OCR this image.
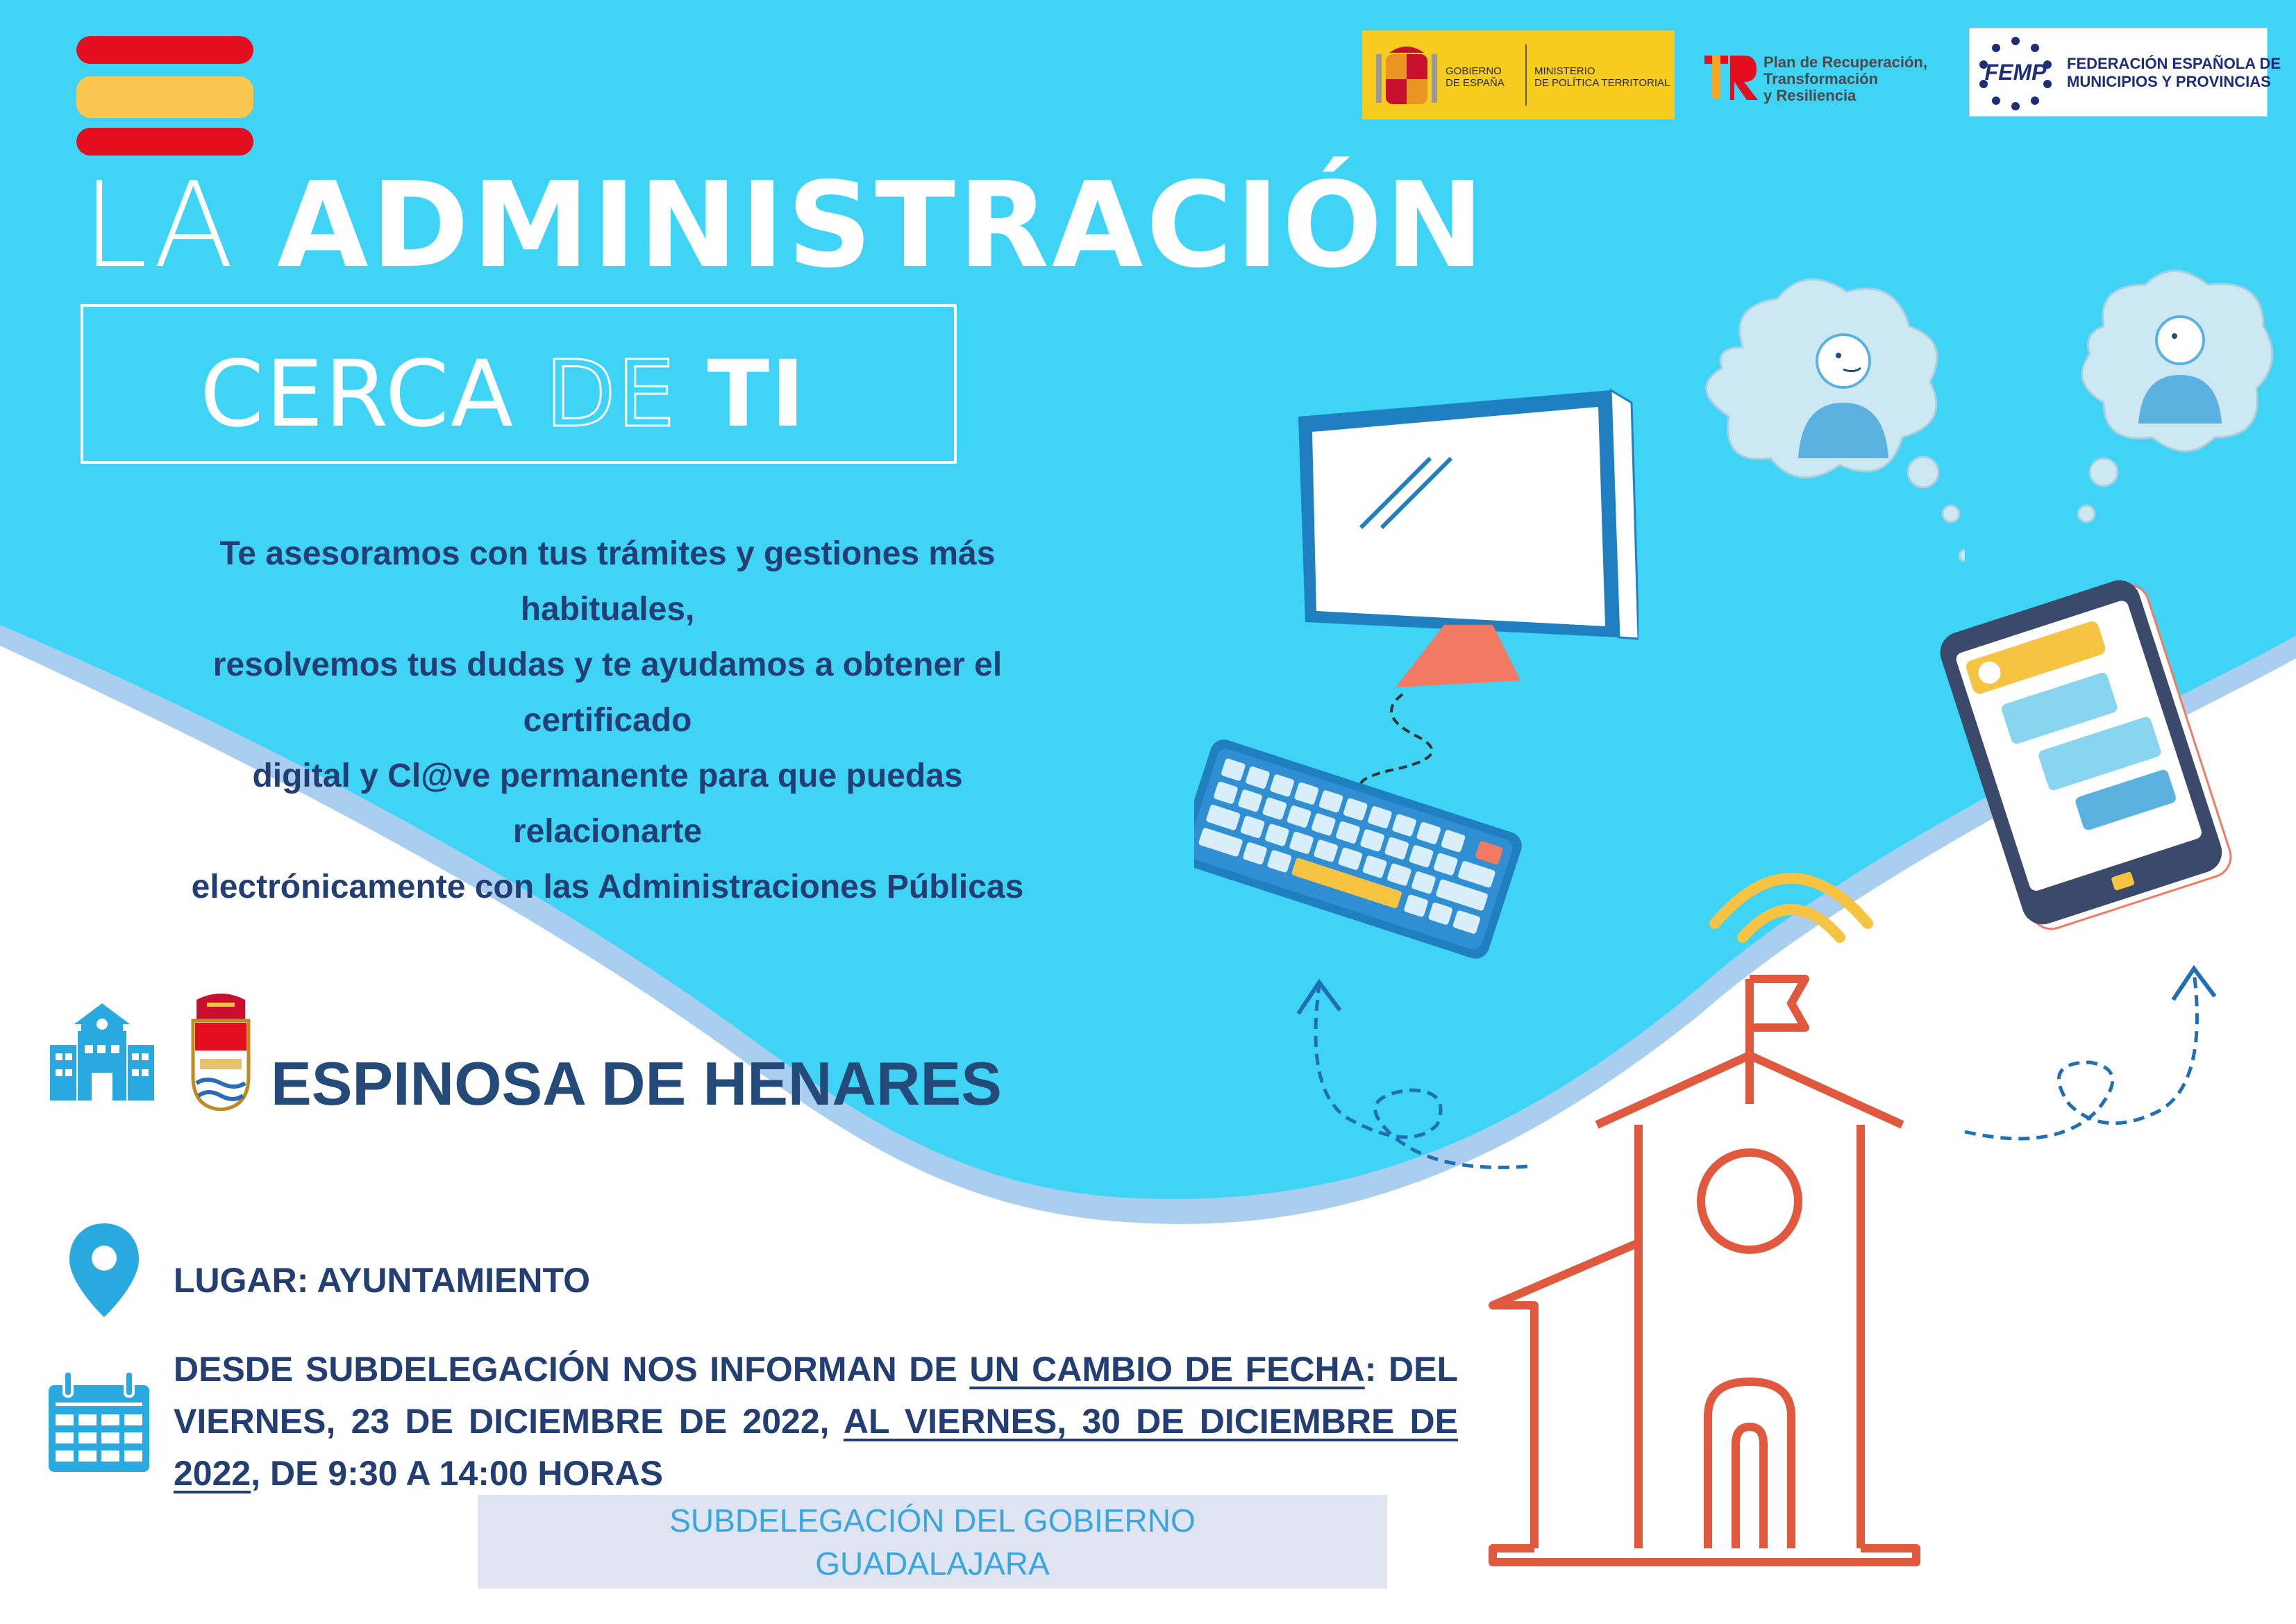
GOBIERNO
DE ESPAÑA
MINISTERIO
DE POLÍTICA TERRITORIAL
Plan de Recuperación,
Transformación
y Resiliencia
FEMP FEDERACIÓN ESPAÑOLA DE
MUNICIPIOS Y PROVINCIAS
LA ADMINISTRACIÓN
CERCA DE TI
Te asesoramos con tus trámites y gestiones más habituales,
resolvemos tus dudas y te ayudamos a obtener el certificado
digital y Cl@ve permanente para que puedas relacionarte
electrónicamente con las Administraciones Públicas
ESPINOSA DE HENARES
LUGAR: AYUNTAMIENTO
DESDE SUBDELEGACIÓN NOS INFORMAN DE UN CAMBIO DE FECHA: DEL VIERNES, 23 DE DICIEMBRE DE 2022, AL VIERNES, 30 DE DICIEMBRE DE 2022, DE 9:30 A 14:00 HORAS
SUBDELEGACIÓN DEL GOBIERNO
GUADALAJARA
